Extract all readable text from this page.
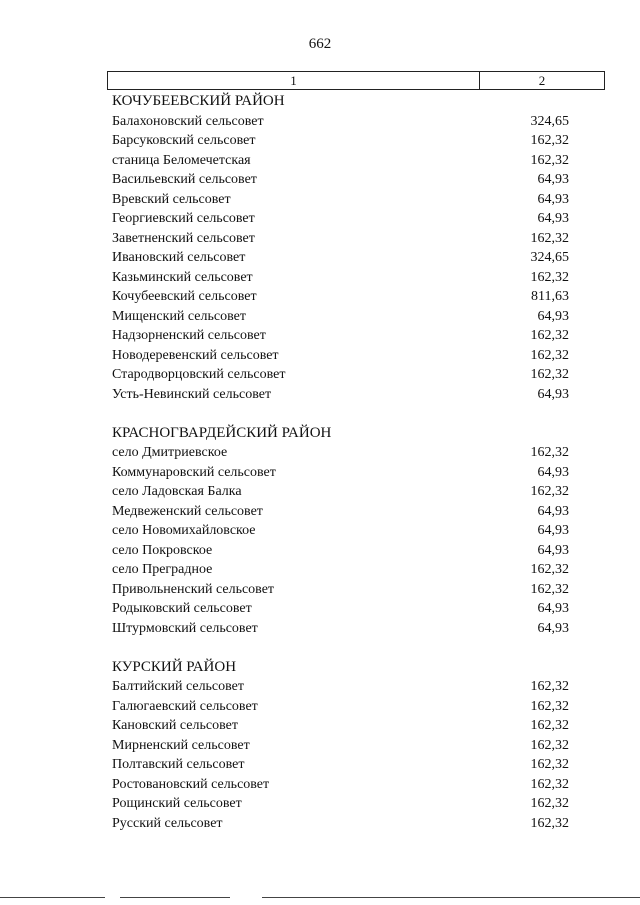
662
1	2
КОЧУБЕЕВСКИЙ РАЙОН
Балахоновский сельсовет	324,65
Барсуковский сельсовет	162,32
станица Беломечетская	162,32
Васильевский сельсовет	64,93
Вревский сельсовет	64,93
Георгиевский сельсовет	64,93
Заветненский сельсовет	162,32
Ивановский сельсовет	324,65
Казьминский сельсовет	162,32
Кочубеевский сельсовет	811,63
Мищенский сельсовет	64,93
Надзорненский сельсовет	162,32
Новодеревенский сельсовет	162,32
Стародворцовский сельсовет	162,32
Усть-Невинский сельсовет	64,93
КРАСНОГВАРДЕЙСКИЙ РАЙОН
село Дмитриевское	162,32
Коммунаровский сельсовет	64,93
село Ладовская Балка	162,32
Медвеженский сельсовет	64,93
село Новомихайловское	64,93
село Покровское	64,93
село Преградное	162,32
Привольненский сельсовет	162,32
Родыковский сельсовет	64,93
Штурмовский сельсовет	64,93
КУРСКИЙ РАЙОН
Балтийский сельсовет	162,32
Галюгаевский сельсовет	162,32
Кановский сельсовет	162,32
Мирненский сельсовет	162,32
Полтавский сельсовет	162,32
Ростовановский сельсовет	162,32
Рощинский сельсовет	162,32
Русский сельсовет	162,32
